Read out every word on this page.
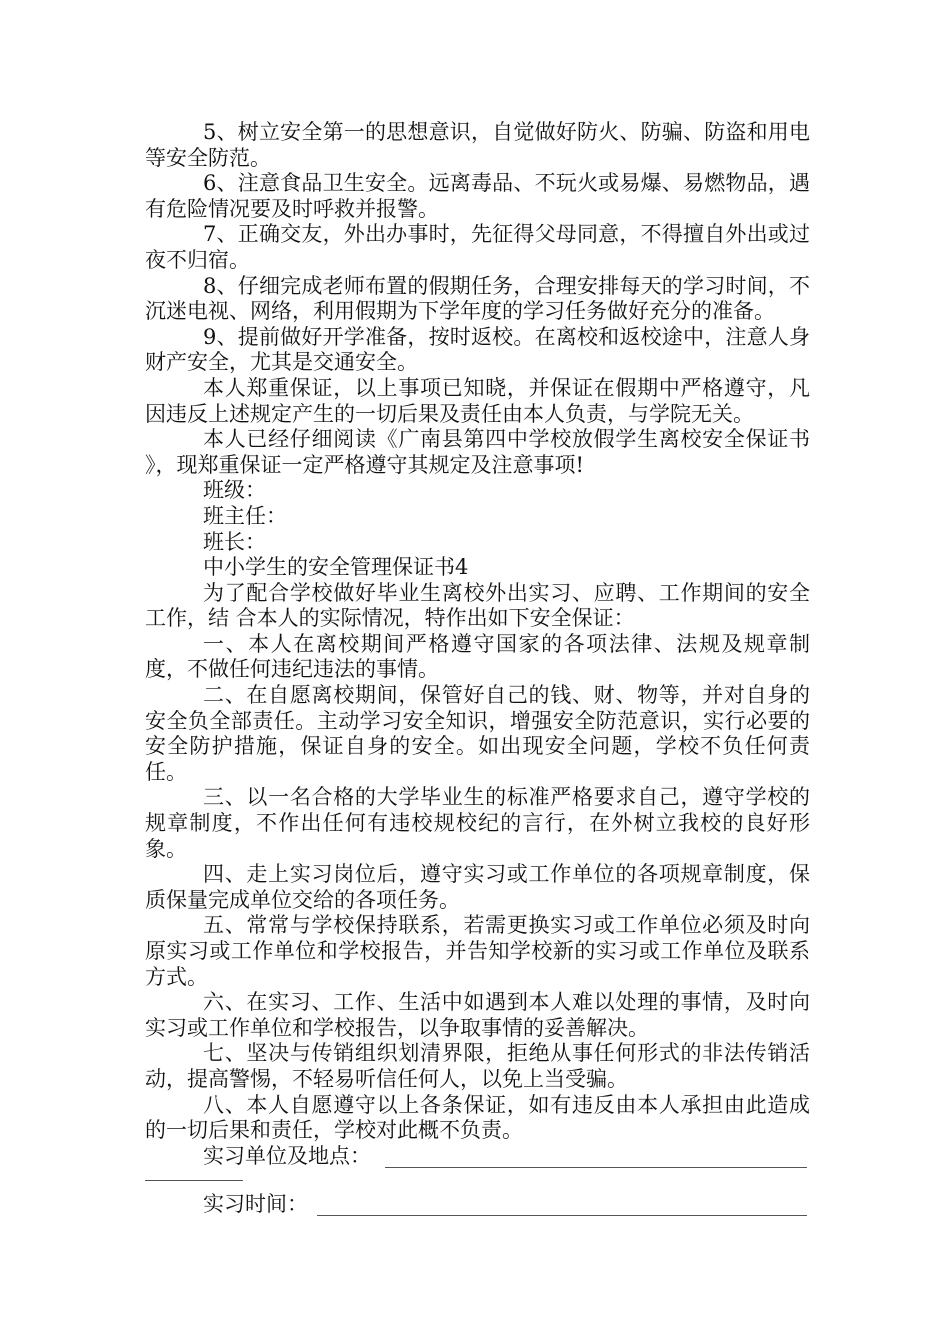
5、树立安全第一的思想意识，自觉做好防火、防骗、防盗和用电等安全防范。

6、注意食品卫生安全。远离毒品、不玩火或易爆、易燃物品，遇有危险情况要及时呼救并报警。

7、正确交友，外出办事时，先征得父母同意，不得擅自外出或过夜不归宿。

8、仔细完成老师布置的假期任务，合理安排每天的学习时间，不沉迷电视、网络，利用假期为下学年度的学习任务做好充分的准备。

9、提前做好开学准备，按时返校。在离校和返校途中，注意人身财产安全，尤其是交通安全。

本人郑重保证，以上事项已知晓，并保证在假期中严格遵守，凡因违反上述规定产生的一切后果及责任由本人负责，与学院无关。

本人已经仔细阅读《广南县第四中学校放假学生离校安全保证书 》，现郑重保证一定严格遵守其规定及注意事项!

班级：

班主任：

班长：

中小学生的安全管理保证书4

为了配合学校做好毕业生离校外出实习、应聘、工作期间的安全工作，结 合本人的实际情况，特作出如下安全保证：

一、本人在离校期间严格遵守国家的各项法律、法规及规章制度，不做任何违纪违法的事情。

二、在自愿离校期间，保管好自己的钱、财、物等，并对自身的安全负全部责任。主动学习安全知识，增强安全防范意识，实行必要的安全防护措施，保证自身的安全。如出现安全问题，学校不负任何责任。

三、以一名合格的大学毕业生的标准严格要求自己，遵守学校的规章制度，不作出任何有违校规校纪的言行，在外树立我校的良好形象。

四、走上实习岗位后，遵守实习或工作单位的各项规章制度，保质保量完成单位交给的各项任务。

五、常常与学校保持联系，若需更换实习或工作单位必须及时向原实习或工作单位和学校报告，并告知学校新的实习或工作单位及联系方式。

六、在实习、工作、生活中如遇到本人难以处理的事情，及时向实习或工作单位和学校报告，以争取事情的妥善解决。

七、坚决与传销组织划清界限，拒绝从事任何形式的非法传销活动，提高警惕，不轻易听信任何人，以免上当受骗。

八、本人自愿遵守以上各条保证，如有违反由本人承担由此造成的一切后果和责任，学校对此概不负责。

实习单位及地点：
实习时间：
